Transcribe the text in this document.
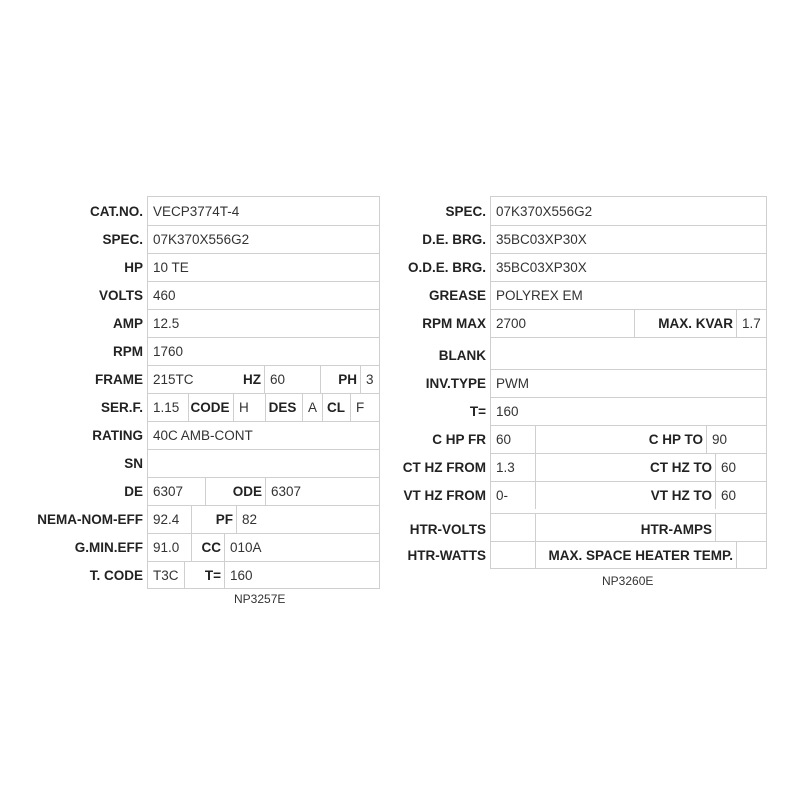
CAT.NO. VECP3774T-4
SPEC. 07K370X556G2
HP 10 TE
VOLTS 460
AMP 12.5
RPM 1760
FRAME 215TC	HZ 60	PH 3
SER.F. 1.15 CODE H	DES A CL F
RATING 40C AMB-CONT
SN
DE 6307	ODE 6307
NEMA-NOM-EFF 92.4	PF 82
G.MIN.EFF 91.0	CC 010A
T. CODE T3C	T= 160
NP3257E
SPEC. 07K370X556G2
D.E. BRG. 35BC03XP30X
O.D.E. BRG. 35BC03XP30X
GREASE POLYREX EM
RPM MAX 2700	MAX. KVAR 1.7
BLANK
INV.TYPE PWM
T= 160
C HP FR 60	C HP TO 90
CT HZ FROM 1.3	CT HZ TO 60
VT HZ FROM 0-	VT HZ TO 60
HTR-VOLTS	HTR-AMPS
HTR-WATTS	MAX. SPACE HEATER TEMP.
NP3260E
